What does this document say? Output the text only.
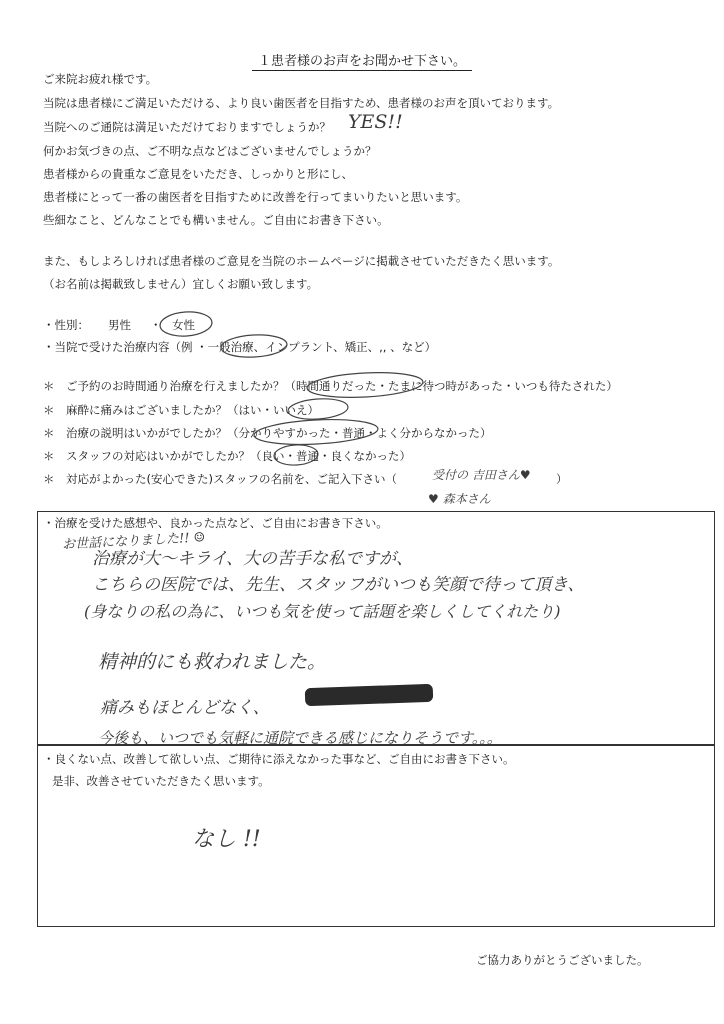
１患者様のお声をお聞かせ下さい。
ご来院お疲れ様です。
当院は患者様にご満足いただける、より良い歯医者を目指すため、患者様のお声を頂いております。
当院へのご通院は満足いただけておりますでしょうか？ YES!!
何かお気づきの点、ご不明な点などはございませんでしょうか？
患者様からの貴重なご意見をいただき、しっかりと形にし、
患者様にとって一番の歯医者を目指すために改善を行ってまいりたいと思います。
些細なこと、どんなことでも構いません。ご自由にお書き下さい。
また、もしよろしければ患者様のご意見を当院のホームページに掲載させていただきたく思います。
（お名前は掲載致しません）宜しくお願い致します。
・性別： 男性 ・ 女性
・当院で受けた治療内容（例 ・一般治療、インプラント、矯正、,, 、など）
＊ ご予約のお時間通り治療を行えましたか？（時間通りだった・たまに待つ時があった・いつも待たされた）
＊ 麻酔に痛みはございましたか？（はい・いいえ）
＊ 治療の説明はいかがでしたか？（分かりやすかった・普通・よく分からなかった）
＊ スタッフの対応はいかがでしたか？（良い・普通・良くなかった）
＊ 対応がよかった(安心できた)スタッフの名前を、ご記入下さい（	）
受付の 吉田さん♥
♥ 森本さん
・治療を受けた感想や、良かった点など、ご自由にお書き下さい。
お世話になりました!! ☺
治療が大～キライ、大の苦手な私ですが、
こちらの医院では、先生、スタッフがいつも笑顔で待って頂き、
(身なりの私の為に、いつも気を使って話題を楽しくしてくれたり)
精神的にも救われました。
痛みもほとんどなく、
今後も、いつでも気軽に通院できる感じになりそうです。。。
・良くない点、改善して欲しい点、ご期待に添えなかった事など、ご自由にお書き下さい。
是非、改善させていただきたく思います。
なし !!
ご協力ありがとうございました。
